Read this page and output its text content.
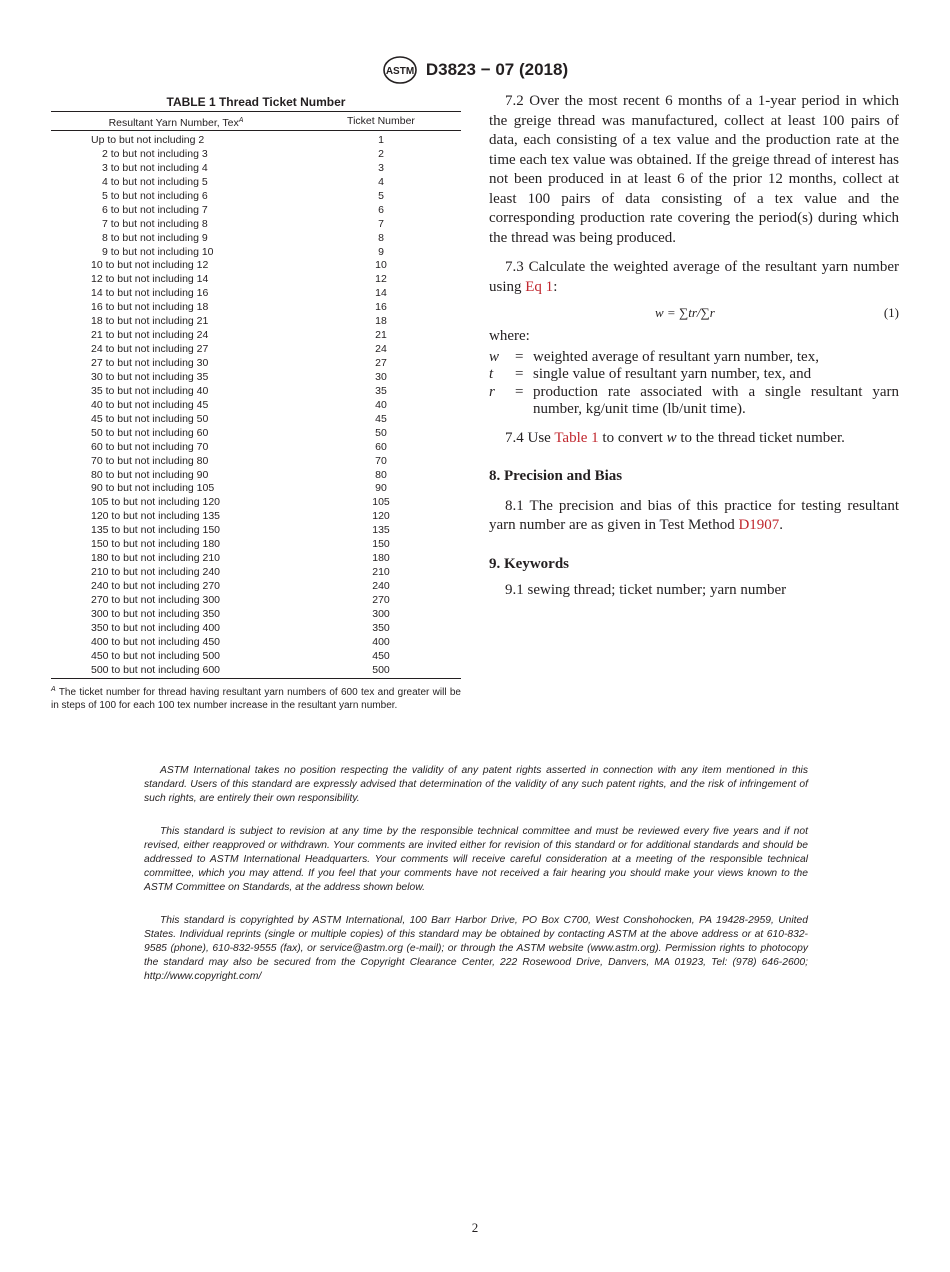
ASTM D3823 − 07 (2018)
TABLE 1 Thread Ticket Number
Resultant Yarn Number, Tex$^A$	Ticket Number
Up to but not including 2	1
2 to but not including 3	2
3 to but not including 4	3
4 to but not including 5	4
5 to but not including 6	5
6 to but not including 7	6
7 to but not including 8	7
8 to but not including 9	8
9 to but not including 10	9
10 to but not including 12	10
12 to but not including 14	12
14 to but not including 16	14
16 to but not including 18	16
18 to but not including 21	18
21 to but not including 24	21
24 to but not including 27	24
27 to but not including 30	27
30 to but not including 35	30
35 to but not including 40	35
40 to but not including 45	40
45 to but not including 50	45
50 to but not including 60	50
60 to but not including 70	60
70 to but not including 80	70
80 to but not including 90	80
90 to but not including 105	90
105 to but not including 120	105
120 to but not including 135	120
135 to but not including 150	135
150 to but not including 180	150
180 to but not including 210	180
210 to but not including 240	210
240 to but not including 270	240
270 to but not including 300	270
300 to but not including 350	300
350 to but not including 400	350
400 to but not including 450	400
450 to but not including 500	450
500 to but not including 600	500
$^A$ The ticket number for thread having resultant yarn numbers of 600 tex and greater will be in steps of 100 for each 100 tex number increase in the resultant yarn number.

7.2 Over the most recent 6 months of a 1-year period in which the greige thread was manufactured, collect at least 100 pairs of data, each consisting of a tex value and the production rate at the time each tex value was obtained. If the greige thread of interest has not been produced in at least 6 of the prior 12 months, collect at least 100 pairs of data consisting of a tex value and the corresponding production rate covering the period(s) during which the thread was being produced.

7.3 Calculate the weighted average of the resultant yarn number using Eq 1:

w = ∑tr/∑r	(1)
where:
w	= weighted average of resultant yarn number, tex,
t	= single value of resultant yarn number, tex, and
r	= production rate associated with a single resultant yarn number, kg/unit time (lb/unit time).

7.4 Use Table 1 to convert w to the thread ticket number.

8. Precision and Bias

8.1 The precision and bias of this practice for testing resultant yarn number are as given in Test Method D1907.

9. Keywords

9.1 sewing thread; ticket number; yarn number

ASTM International takes no position respecting the validity of any patent rights asserted in connection with any item mentioned in this standard. Users of this standard are expressly advised that determination of the validity of any such patent rights, and the risk of infringement of such rights, are entirely their own responsibility.

This standard is subject to revision at any time by the responsible technical committee and must be reviewed every five years and if not revised, either reapproved or withdrawn. Your comments are invited either for revision of this standard or for additional standards and should be addressed to ASTM International Headquarters. Your comments will receive careful consideration at a meeting of the responsible technical committee, which you may attend. If you feel that your comments have not received a fair hearing you should make your views known to the ASTM Committee on Standards, at the address shown below.

This standard is copyrighted by ASTM International, 100 Barr Harbor Drive, PO Box C700, West Conshohocken, PA 19428-2959, United States. Individual reprints (single or multiple copies) of this standard may be obtained by contacting ASTM at the above address or at 610-832-9585 (phone), 610-832-9555 (fax), or service@astm.org (e-mail); or through the ASTM website (www.astm.org). Permission rights to photocopy the standard may also be secured from the Copyright Clearance Center, 222 Rosewood Drive, Danvers, MA 01923, Tel: (978) 646-2600; http://www.copyright.com/

2
